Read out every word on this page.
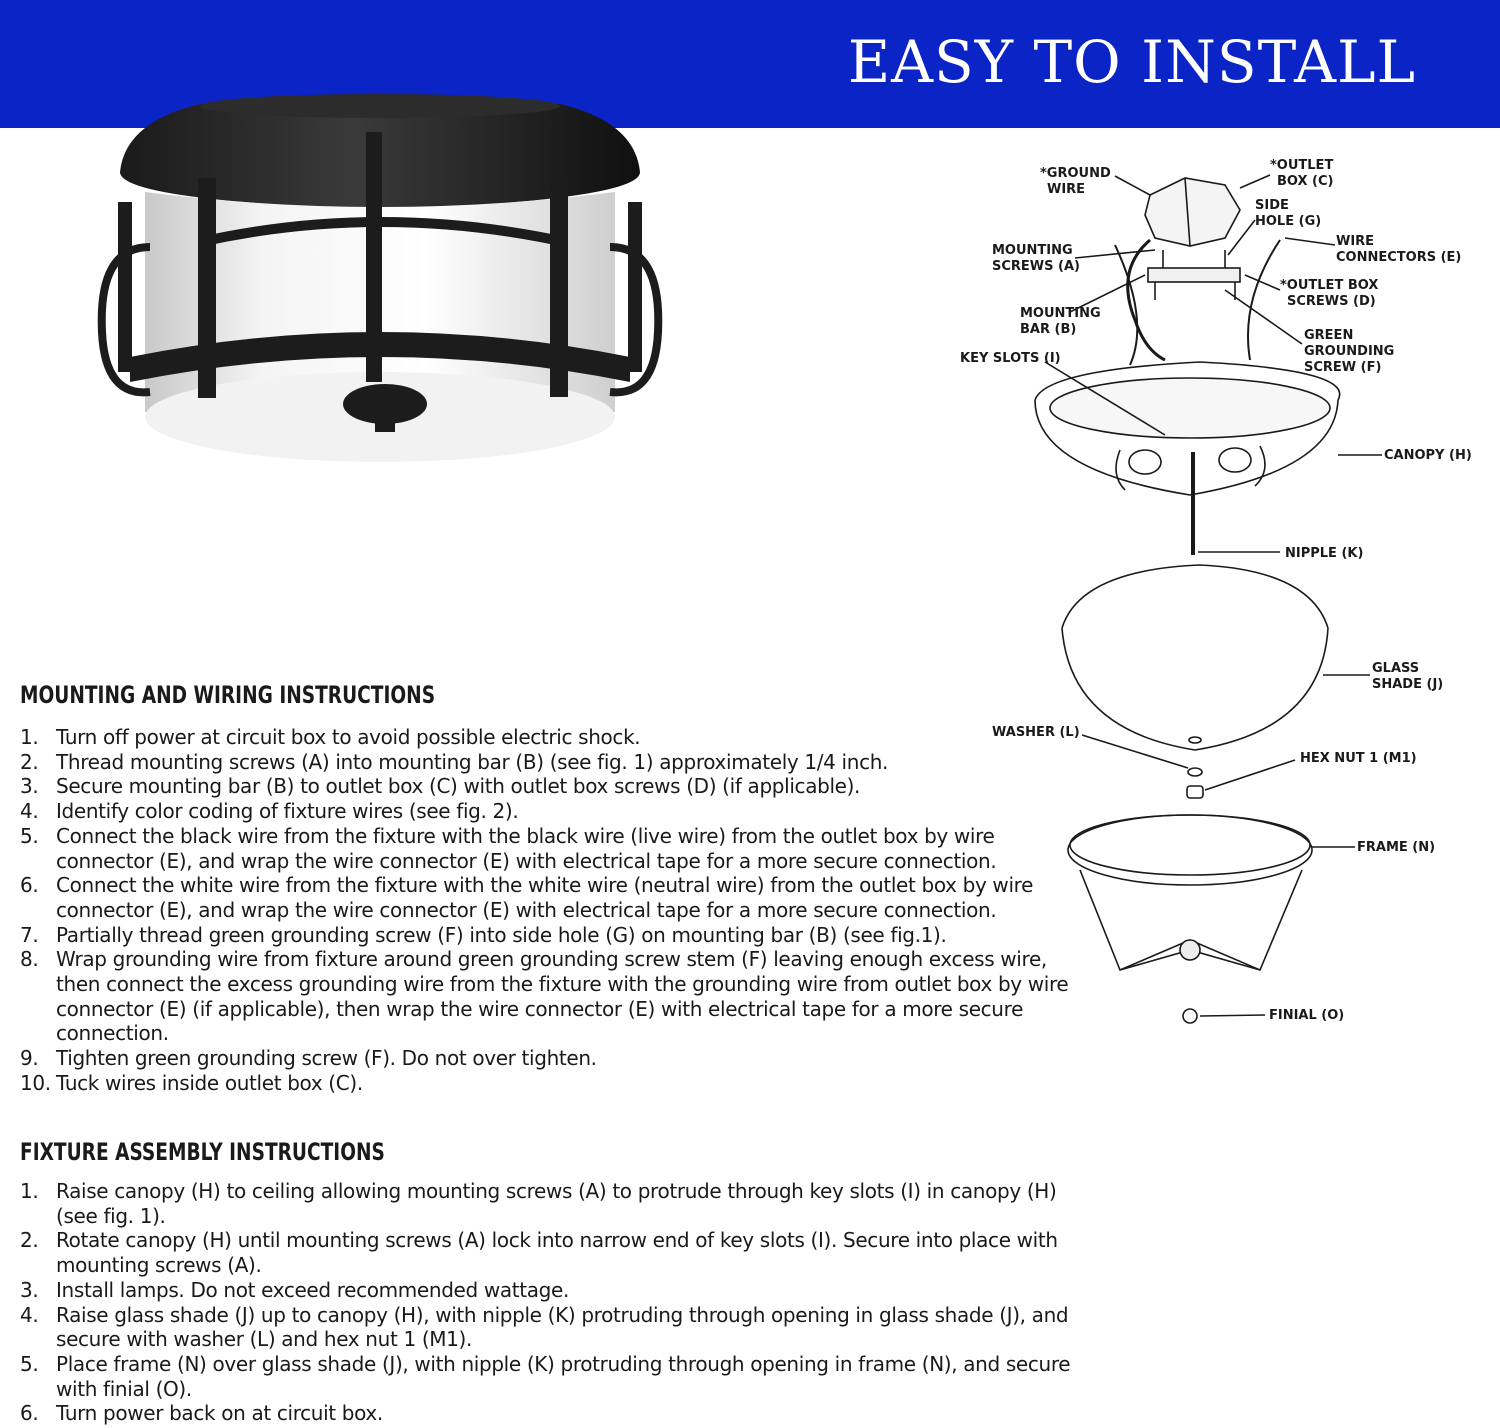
EASY TO INSTALL
*GROUND
WIRE
*OUTLET
BOX (C)
SIDE
HOLE (G)
WIRE
CONNECTORS (E)
MOUNTING
SCREWS (A)
*OUTLET BOX
SCREWS (D)
MOUNTING
BAR (B)	GREEN
GROUNDING
SCREW (F)
KEY SLOTS (I)
CANOPY (H)
NIPPLE (K)
GLASS
SHADE (J)
WASHER (L)
HEX NUT 1 (M1)
FRAME (N)
FINIAL (O)
MOUNTING AND WIRING INSTRUCTIONS
1. Turn off power at circuit box to avoid possible electric shock.
2. Thread mounting screws (A) into mounting bar (B) (see fig. 1) approximately 1/4 inch.
3. Secure mounting bar (B) to outlet box (C) with outlet box screws (D) (if applicable).
4. Identify color coding of fixture wires (see fig. 2).
5. Connect the black wire from the fixture with the black wire (live wire) from the outlet box by wire connector (E), and wrap the wire connector (E) with electrical tape for a more secure connection.
6. Connect the white wire from the fixture with the white wire (neutral wire) from the outlet box by wire connector (E), and wrap the wire connector (E) with electrical tape for a more secure connection.
7. Partially thread green grounding screw (F) into side hole (G) on mounting bar (B) (see fig.1).
8. Wrap grounding wire from fixture around green grounding screw stem (F) leaving enough excess wire, then connect the excess grounding wire from the fixture with the grounding wire from outlet box by wire connector (E) (if applicable), then wrap the wire connector (E) with electrical tape for a more secure connection.
9. Tighten green grounding screw (F). Do not over tighten.
10. Tuck wires inside outlet box (C).
FIXTURE ASSEMBLY INSTRUCTIONS
1. Raise canopy (H) to ceiling allowing mounting screws (A) to protrude through key slots (I) in canopy (H) (see fig. 1).
2. Rotate canopy (H) until mounting screws (A) lock into narrow end of key slots (I). Secure into place with mounting screws (A).
3. Install lamps. Do not exceed recommended wattage.
4. Raise glass shade (J) up to canopy (H), with nipple (K) protruding through opening in glass shade (J), and secure with washer (L) and hex nut 1 (M1).
5. Place frame (N) over glass shade (J), with nipple (K) protruding through opening in frame (N), and secure with finial (O).
6. Turn power back on at circuit box.
